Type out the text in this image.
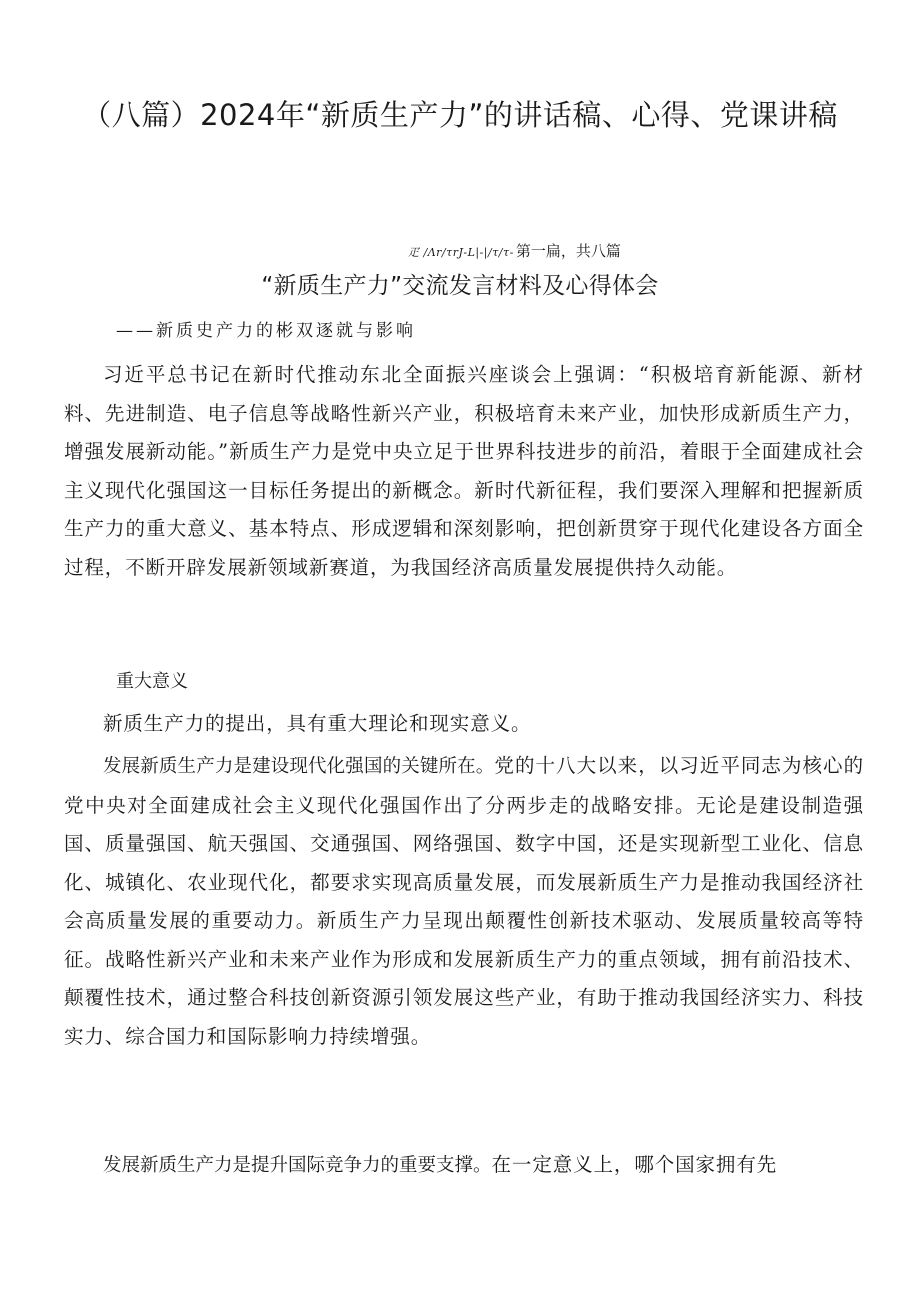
（八篇）2024年“新质生产力”的讲话稿、心得、党课讲稿
疋 /Λr/τrJ-L|-|/τ/τ- 第一扁，共八篇
“新质生产力”交流发言材料及心得体会
——新质史产力的彬双逐就与影响

习近平总书记在新时代推动东北全面振兴座谈会上强调：“积极培育新能源、新材料、先进制造、电子信息等战略性新兴产业，积极培育未来产业，加快形成新质生产力，增强发展新动能。”新质生产力是党中央立足于世界科技进步的前沿，着眼于全面建成社会主义现代化强国这一目标任务提出的新概念。新时代新征程，我们要深入理解和把握新质生产力的重大意义、基本特点、形成逻辑和深刻影响，把创新贯穿于现代化建设各方面全过程，不断开辟发展新领域新赛道，为我国经济高质量发展提供持久动能。

重大意义

新质生产力的提出，具有重大理论和现实意义。

发展新质生产力是建设现代化强国的关键所在。党的十八大以来，以习近平同志为核心的党中央对全面建成社会主义现代化强国作出了分两步走的战略安排。无论是建设制造强国、质量强国、航天强国、交通强国、网络强国、数字中国，还是实现新型工业化、信息化、城镇化、农业现代化，都要求实现高质量发展，而发展新质生产力是推动我国经济社会高质量发展的重要动力。新质生产力呈现出颠覆性创新技术驱动、发展质量较高等特征。战略性新兴产业和未来产业作为形成和发展新质生产力的重点领域，拥有前沿技术、颠覆性技术，通过整合科技创新资源引领发展这些产业，有助于推动我国经济实力、科技实力、综合国力和国际影响力持续增强。

发展新质生产力是提升国际竞争力的重要支撑。在一定意义上，哪个国家拥有先
